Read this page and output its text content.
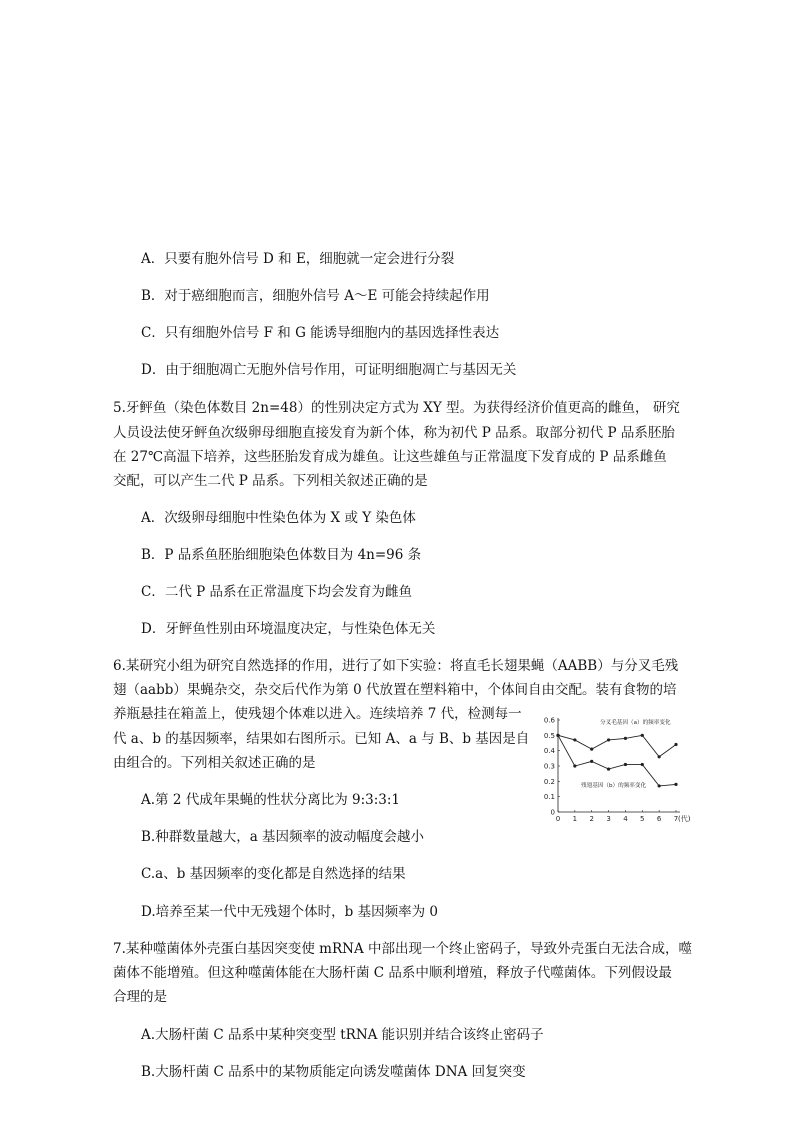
A．只要有胞外信号 D 和 E，细胞就一定会进行分裂
B．对于癌细胞而言，细胞外信号 A～E 可能会持续起作用
C．只有细胞外信号 F 和 G 能诱导细胞内的基因选择性表达
D．由于细胞凋亡无胞外信号作用，可证明细胞凋亡与基因无关
5.牙鲆鱼（染色体数目 2n=48）的性别决定方式为 XY 型。为获得经济价值更高的雌鱼， 研究
人员设法使牙鲆鱼次级卵母细胞直接发育为新个体，称为初代 P 品系。取部分初代 P 品系胚胎
在 27℃高温下培养，这些胚胎发育成为雄鱼。让这些雄鱼与正常温度下发育成的 P 品系雌鱼
交配，可以产生二代 P 品系。下列相关叙述正确的是
A．次级卵母细胞中性染色体为 X 或 Y 染色体
B．P 品系鱼胚胎细胞染色体数目为 4n=96 条
C．二代 P 品系在正常温度下均会发育为雌鱼
D．牙鲆鱼性别由环境温度决定，与性染色体无关
6.某研究小组为研究自然选择的作用，进行了如下实验：将直毛长翅果蝇（AABB）与分叉毛残
翅（aabb）果蝇杂交，杂交后代作为第 0 代放置在塑料箱中，个体间自由交配。装有食物的培
养瓶悬挂在箱盖上，使残翅个体难以进入。连续培养 7 代，检测每一
代 a、b 的基因频率，结果如右图所示。已知 A、a 与 B、b 基因是自
由组合的。下列相关叙述正确的是
A.第 2 代成年果蝇的性状分离比为 9:3:3:1
B.种群数量越大，a 基因频率的波动幅度会越小
C.a、b 基因频率的变化都是自然选择的结果
D.培养至某一代中无残翅个体时，b 基因频率为 0
7.某种噬菌体外壳蛋白基因突变使 mRNA 中部出现一个终止密码子，导致外壳蛋白无法合成，噬
菌体不能增殖。但这种噬菌体能在大肠杆菌 C 品系中顺利增殖，释放子代噬菌体。下列假设最
合理的是
A.大肠杆菌 C 品系中某种突变型 tRNA 能识别并结合该终止密码子
B.大肠杆菌 C 品系中的某物质能定向诱发噬菌体 DNA 回复突变
0
0.1
0.2
0.3
0.4
0.5
0.6
0 1 2 3 4 5 6 7 (代)
分叉毛基因（a）的频率变化
残翅基因（b）的频率变化
